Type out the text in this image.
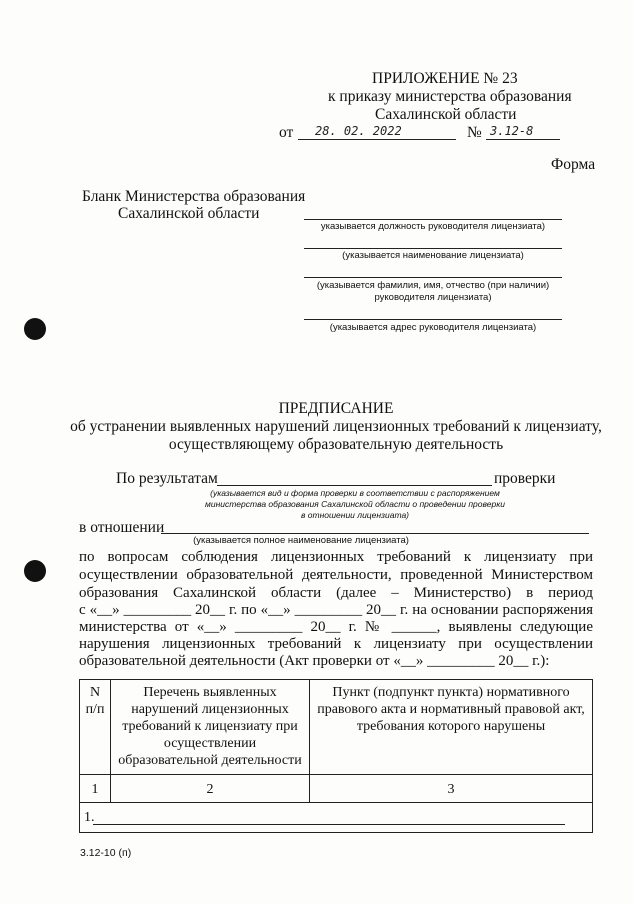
ПРИЛОЖЕНИЕ № 23
к приказу министерства образования
Сахалинской области
от 28. 02. 2022	№ 3.12-8
Форма
Бланк Министерства образования
Сахалинской области
указывается должность руководителя лицензиата)
(указывается наименование лицензиата)
(указывается фамилия, имя, отчество (при наличии)
руководителя лицензиата)
(указывается адрес руководителя лицензиата)
ПРЕДПИСАНИЕ
об устранении выявленных нарушений лицензионных требований к лицензиату,
осуществляющему образовательную деятельность
По результатам	проверки
(указывается вид и форма проверки в соответствии с распоряжением
министерства образования Сахалинской области о проведении проверки
в отношении лицензиата)
в отношении
(указывается полное наименование лицензиата)
по вопросам соблюдения лицензионных требований к лицензиату при
осуществлении образовательной деятельности, проведенной Министерством
образования Сахалинской области (далее – Министерство) в период
с «__» _________ 20__ г. по «__» _________ 20__ г. на основании распоряжения
министерства от «__» _________ 20__ г. № ______, выявлены следующие
нарушения лицензионных требований к лицензиату при осуществлении
образовательной деятельности (Акт проверки от «__» _________ 20__ г.):
N п/п	Перечень выявленных нарушений лицензионных требований к лицензиату при осуществлении образовательной деятельности	Пункт (подпункт пункта) нормативного правового акта и нормативный правовой акт, требования которого нарушены
1	2	3
1.		
3.12-10 (п)
